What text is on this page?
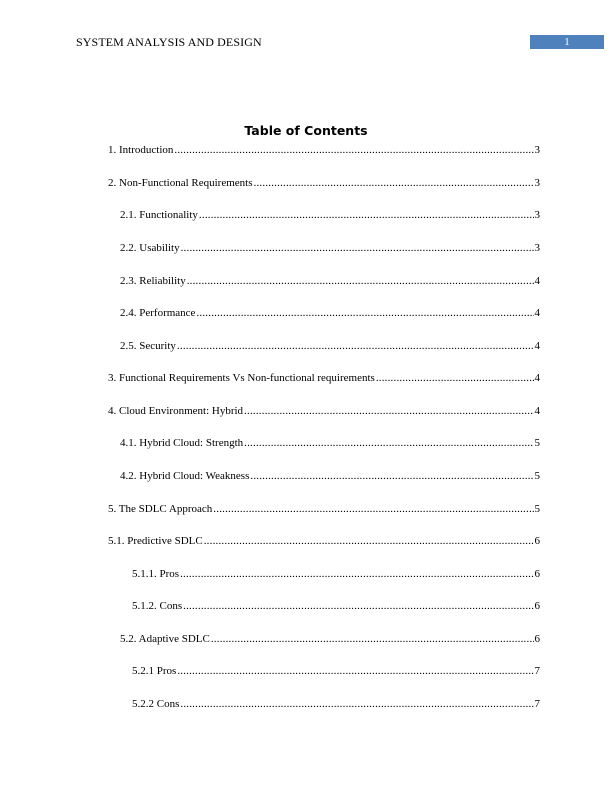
SYSTEM ANALYSIS AND DESIGN	1
Table of Contents
1. Introduction .....	3
2. Non-Functional Requirements .....	3
2.1. Functionality .....	3
2.2. Usability .....	3
2.3. Reliability .....	4
2.4. Performance .....	4
2.5. Security .....	4
3. Functional Requirements Vs Non-functional requirements .....	4
4. Cloud Environment: Hybrid .....	4
4.1. Hybrid Cloud: Strength .....	5
4.2. Hybrid Cloud: Weakness .....	5
5. The SDLC Approach .....	5
5.1. Predictive SDLC .....	6
5.1.1. Pros .....	6
5.1.2. Cons .....	6
5.2. Adaptive SDLC .....	6
5.2.1 Pros .....	7
5.2.2 Cons .....	7
